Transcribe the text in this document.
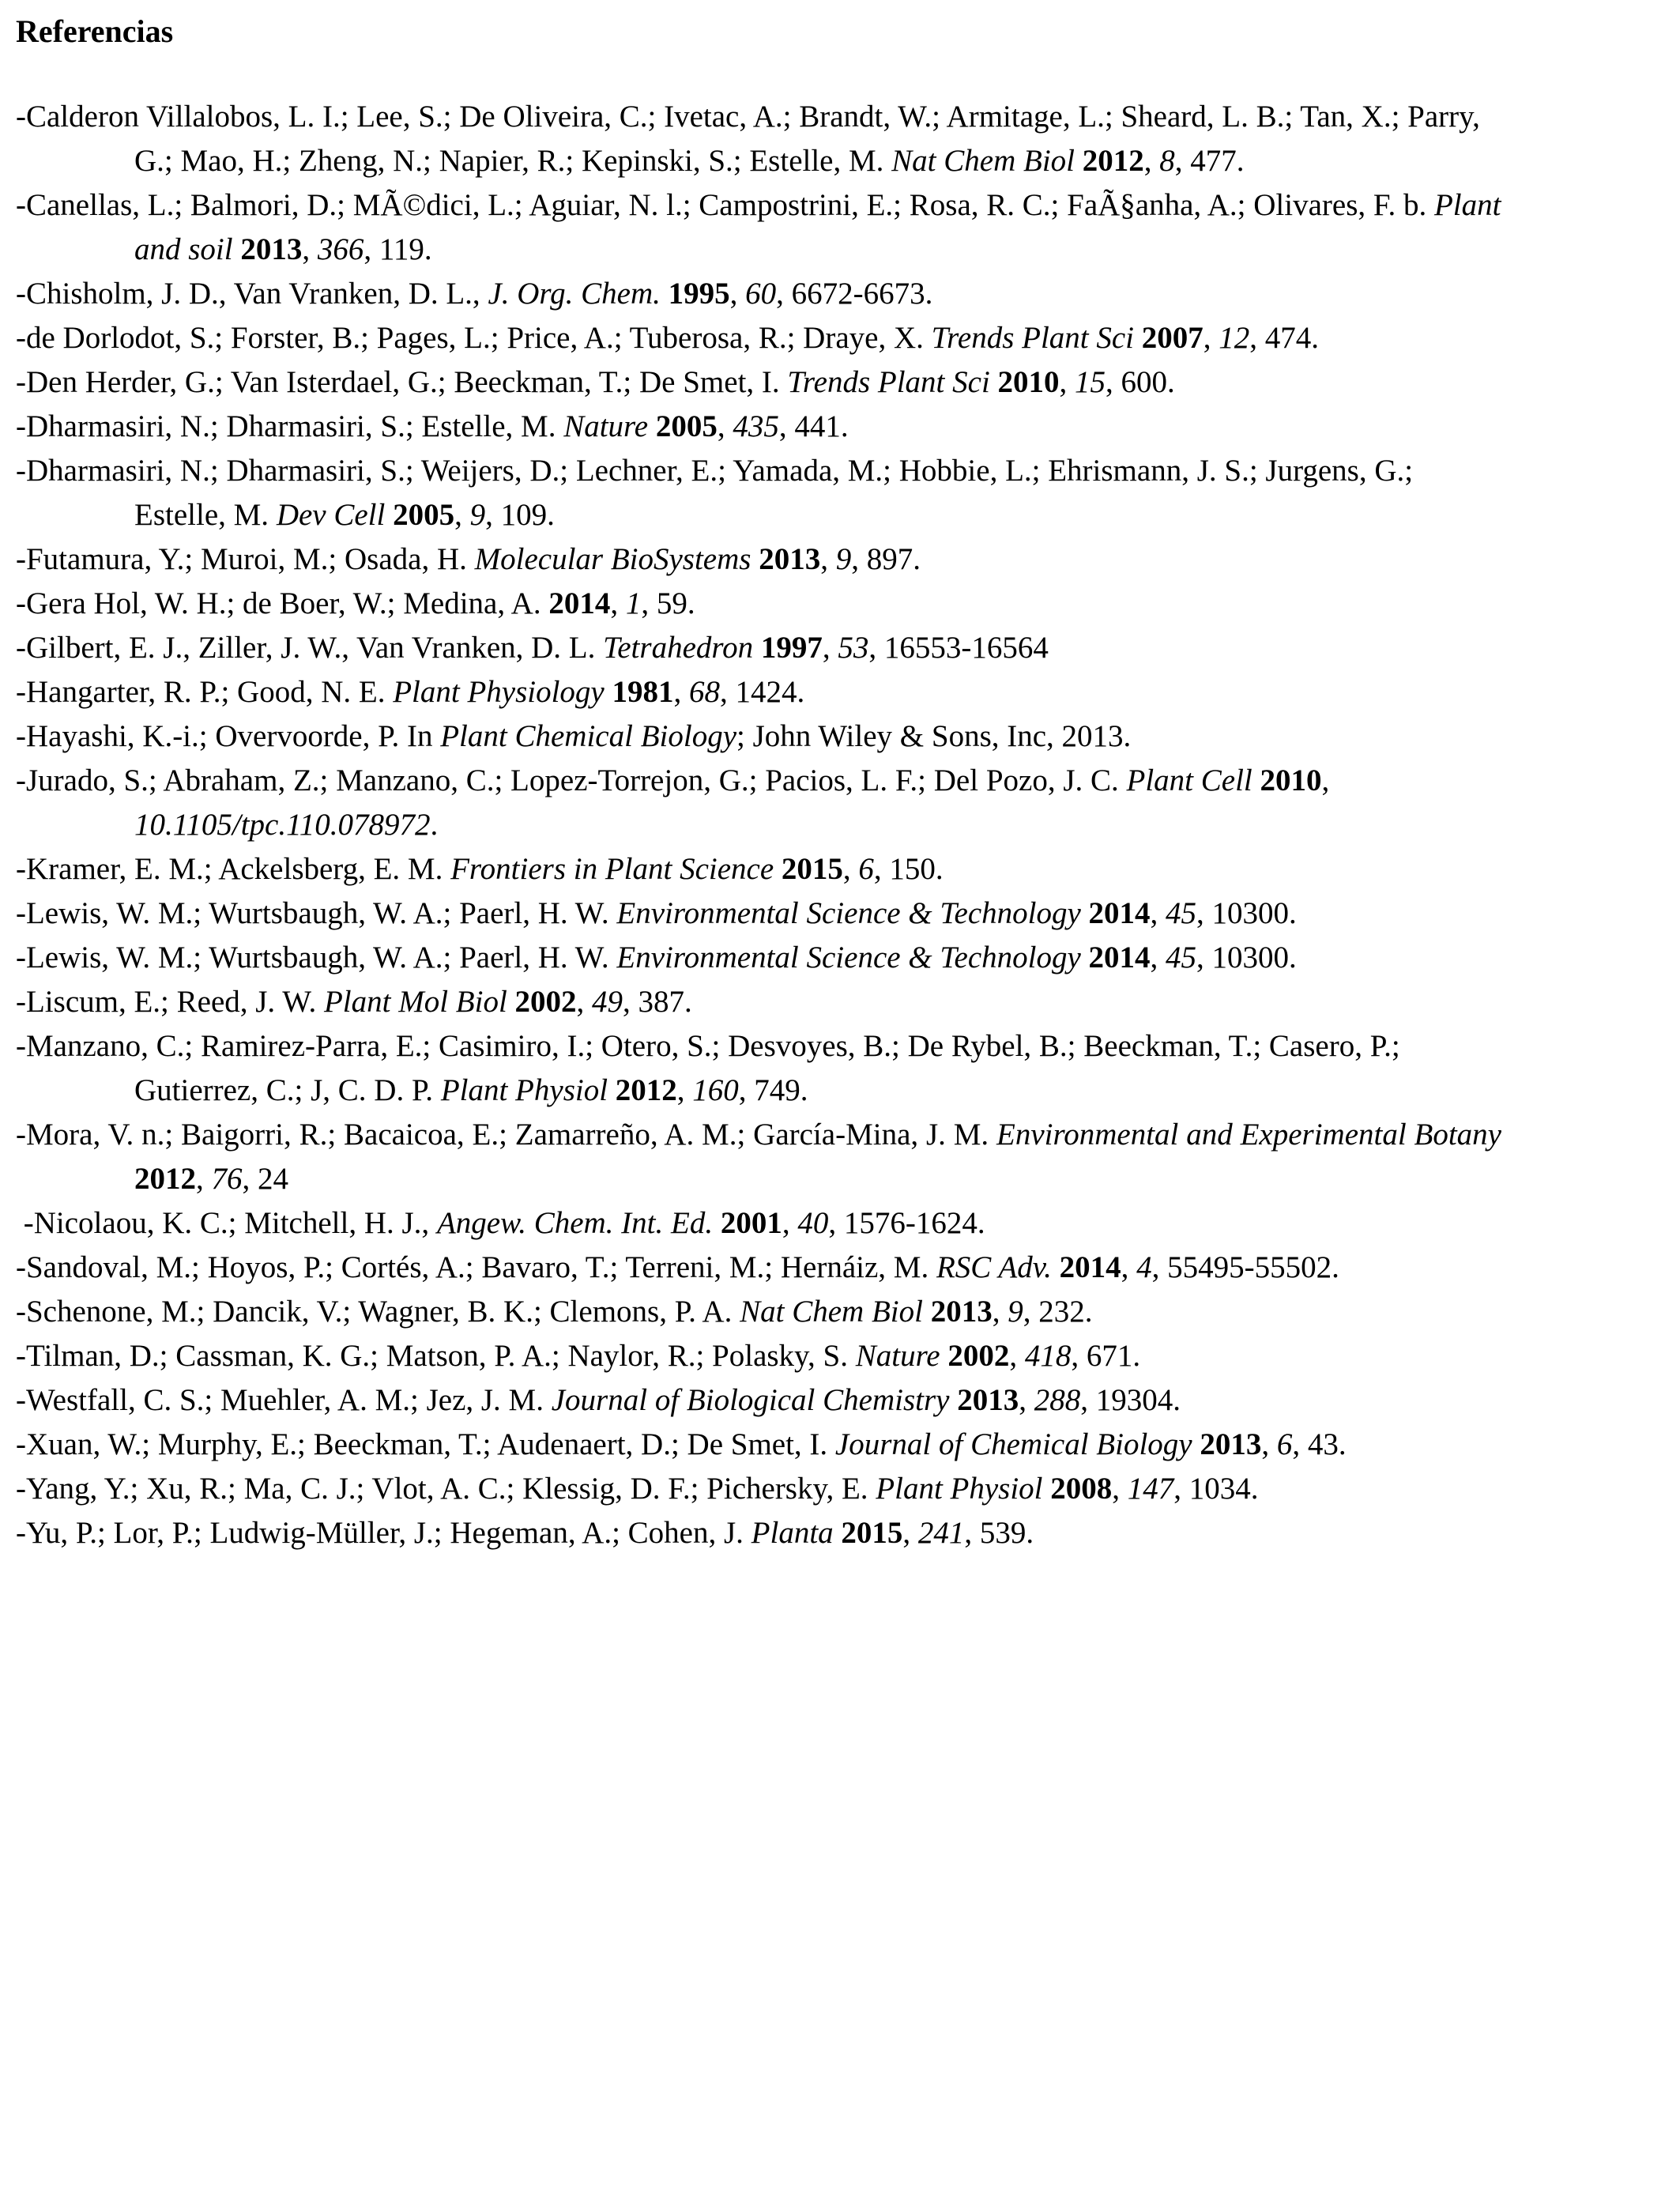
Referencias

-Calderon Villalobos, L. I.; Lee, S.; De Oliveira, C.; Ivetac, A.; Brandt, W.; Armitage, L.; Sheard, L. B.; Tan, X.; Parry, G.; Mao, H.; Zheng, N.; Napier, R.; Kepinski, S.; Estelle, M. Nat Chem Biol 2012, 8, 477.

-Canellas, L.; Balmori, D.; MÃ©dici, L.; Aguiar, N. l.; Campostrini, E.; Rosa, R. C.; FaÃ§anha, A.; Olivares, F. b. Plant and soil 2013, 366, 119.

-Chisholm, J. D., Van Vranken, D. L., J. Org. Chem. 1995, 60, 6672-6673.

-de Dorlodot, S.; Forster, B.; Pages, L.; Price, A.; Tuberosa, R.; Draye, X. Trends Plant Sci 2007, 12, 474.

-Den Herder, G.; Van Isterdael, G.; Beeckman, T.; De Smet, I. Trends Plant Sci 2010, 15, 600.

-Dharmasiri, N.; Dharmasiri, S.; Estelle, M. Nature 2005, 435, 441.

-Dharmasiri, N.; Dharmasiri, S.; Weijers, D.; Lechner, E.; Yamada, M.; Hobbie, L.; Ehrismann, J. S.; Jurgens, G.; Estelle, M. Dev Cell 2005, 9, 109.

-Futamura, Y.; Muroi, M.; Osada, H. Molecular BioSystems 2013, 9, 897.

-Gera Hol, W. H.; de Boer, W.; Medina, A. 2014, 1, 59.

-Gilbert, E. J., Ziller, J. W., Van Vranken, D. L. Tetrahedron 1997, 53, 16553-16564

-Hangarter, R. P.; Good, N. E. Plant Physiology 1981, 68, 1424.

-Hayashi, K.-i.; Overvoorde, P. In Plant Chemical Biology; John Wiley & Sons, Inc, 2013.

-Jurado, S.; Abraham, Z.; Manzano, C.; Lopez-Torrejon, G.; Pacios, L. F.; Del Pozo, J. C. Plant Cell 2010, 10.1105/tpc.110.078972.

-Kramer, E. M.; Ackelsberg, E. M. Frontiers in Plant Science 2015, 6, 150.

-Lewis, W. M.; Wurtsbaugh, W. A.; Paerl, H. W. Environmental Science & Technology 2014, 45, 10300.

-Lewis, W. M.; Wurtsbaugh, W. A.; Paerl, H. W. Environmental Science & Technology 2014, 45, 10300.

-Liscum, E.; Reed, J. W. Plant Mol Biol 2002, 49, 387.

-Manzano, C.; Ramirez-Parra, E.; Casimiro, I.; Otero, S.; Desvoyes, B.; De Rybel, B.; Beeckman, T.; Casero, P.; Gutierrez, C.; J, C. D. P. Plant Physiol 2012, 160, 749.

-Mora, V. n.; Baigorri, R.; Bacaicoa, E.; Zamarreño, A. M.; García-Mina, J. M. Environmental and Experimental Botany 2012, 76, 24

-Nicolaou, K. C.; Mitchell, H. J., Angew. Chem. Int. Ed. 2001, 40, 1576-1624.

-Sandoval, M.; Hoyos, P.; Cortés, A.; Bavaro, T.; Terreni, M.; Hernáiz, M. RSC Adv. 2014, 4, 55495-55502.

-Schenone, M.; Dancik, V.; Wagner, B. K.; Clemons, P. A. Nat Chem Biol 2013, 9, 232.

-Tilman, D.; Cassman, K. G.; Matson, P. A.; Naylor, R.; Polasky, S. Nature 2002, 418, 671.

-Westfall, C. S.; Muehler, A. M.; Jez, J. M. Journal of Biological Chemistry 2013, 288, 19304.

-Xuan, W.; Murphy, E.; Beeckman, T.; Audenaert, D.; De Smet, I. Journal of Chemical Biology 2013, 6, 43.

-Yang, Y.; Xu, R.; Ma, C. J.; Vlot, A. C.; Klessig, D. F.; Pichersky, E. Plant Physiol 2008, 147, 1034.

-Yu, P.; Lor, P.; Ludwig-Müller, J.; Hegeman, A.; Cohen, J. Planta 2015, 241, 539.
